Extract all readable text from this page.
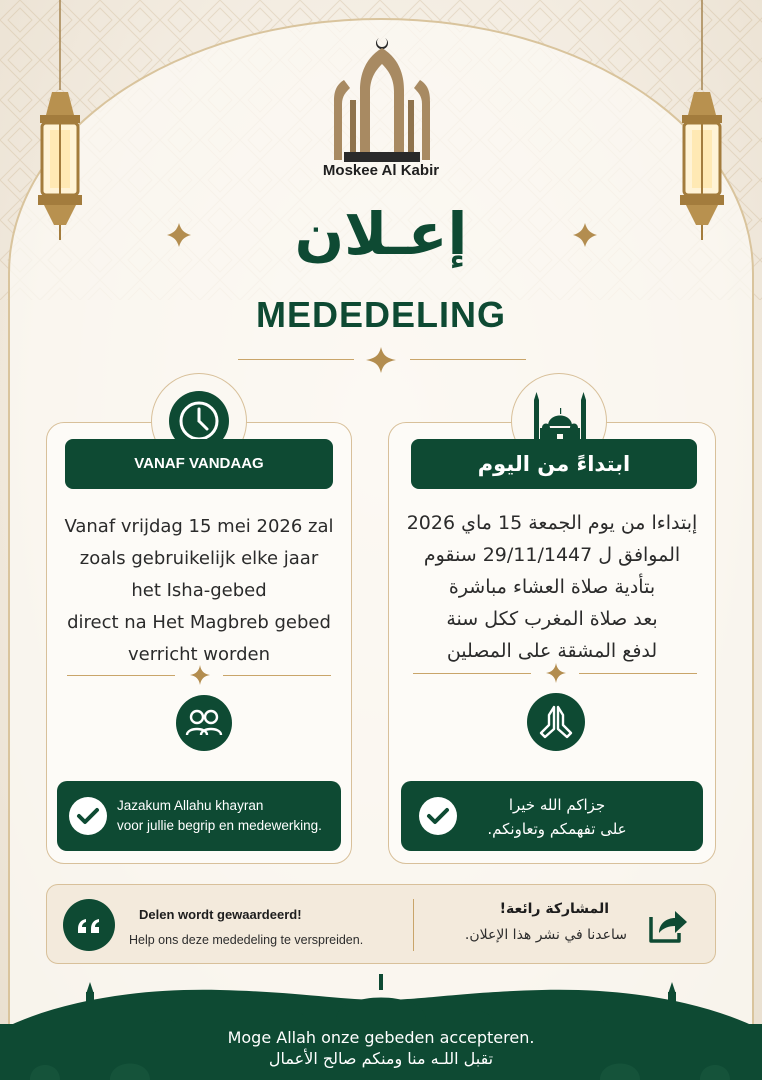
Moskee Al Kabir
إعـلان
MEDEDELING
VANAF VANDAAG
Vanaf vrijdag 15 mei 2026 zal
zoals gebruikelijk elke jaar
het Isha-gebed
direct na Het Magbreb gebed
verricht worden
Jazakum Allahu khayran
voor jullie begrip en medewerking.
ابتداءً من اليوم
إبتداءا من يوم الجمعة 15 ماي 2026
الموافق ل 29/11/1447 سنقوم
بتأدية صلاة العشاء مباشرة
بعد صلاة المغرب ككل سنة
لدفع المشقة على المصلين
جزاكم الله خيرا
على تفهمكم وتعاونكم.
Delen wordt gewaardeerd!
Help ons deze mededeling te verspreiden.
المشاركة رائعة!
ساعدنا في نشر هذا الإعلان.
Moge Allah onze gebeden accepteren.
تقبل اللـه منا ومنكم صالح الأعمال
